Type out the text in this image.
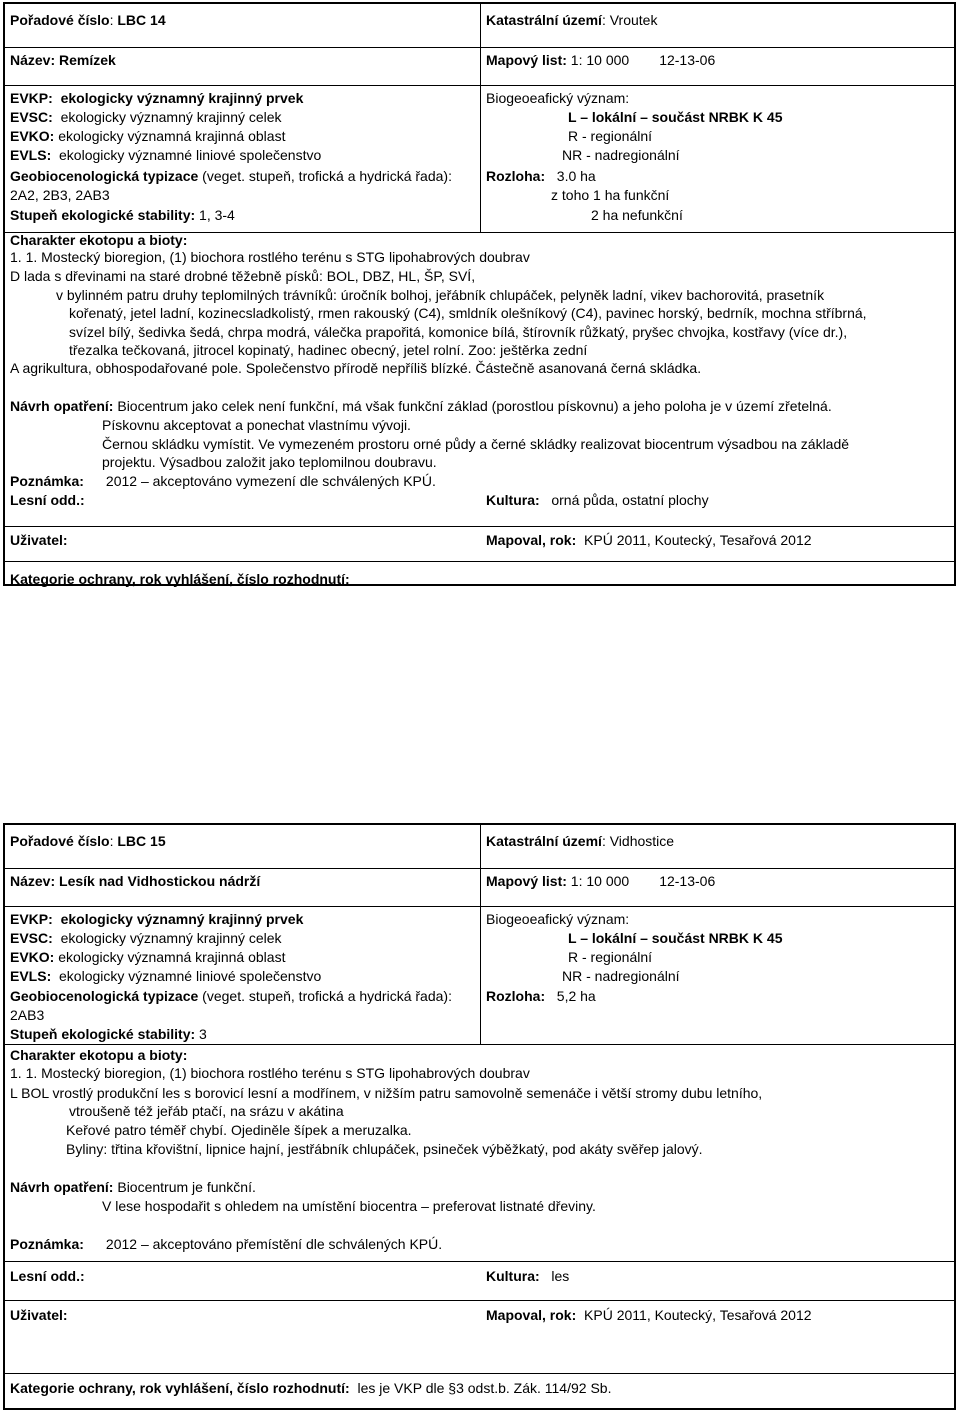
Pořadové číslo: LBC 14	Katastrální území: Vroutek
Název: Remízek	Mapový list: 1: 10 000 12-13-06
EVKP: ekologicky významný krajinný prvek
EVSC: ekologicky významný krajinný celek
EVKO: ekologicky významná krajinná oblast
EVLS: ekologicky významné liniové společenstvo
Geobiocenologická typizace (veget. stupeň, trofická a hydrická řada):
2A2, 2B3, 2AB3
Stupeň ekologické stability: 1, 3-4
Biogeoeafický význam:
L – lokální – součást NRBK K 45
R - regionální
NR - nadregionální
Rozloha: 3.0 ha
z toho 1 ha funkční
2 ha nefunkční
Charakter ekotopu a bioty:
1. 1. Mostecký bioregion, (1) biochora rostlého terénu s STG lipohabrových doubrav
D lada s dřevinami na staré drobné těžebně písků: BOL, DBZ, HL, ŠP, SVÍ,
v bylinném patru druhy teplomilných trávníků: úročník bolhoj, jeřábník chlupáček, pelyněk ladní, vikev bachorovitá, prasetník
kořenatý, jetel ladní, kozinecsladkolistý, rmen rakouský (C4), smldník olešníkový (C4), pavinec horský, bedrník, mochna stříbrná,
svízel bílý, šedivka šedá, chrpa modrá, válečka prapořitá, komonice bílá, štírovník růžkatý, pryšec chvojka, kostřavy (více dr.),
třezalka tečkovaná, jitrocel kopinatý, hadinec obecný, jetel rolní. Zoo: ještěrka zední
A agrikultura, obhospodařované pole. Společenstvo přírodě nepříliš blízké. Částečně asanovaná černá skládka.
Návrh opatření: Biocentrum jako celek není funkční, má však funkční základ (porostlou pískovnu) a jeho poloha je v území zřetelná.
Pískovnu akceptovat a ponechat vlastnímu vývoji.
Černou skládku vymístit. Ve vymezeném prostoru orné půdy a černé skládky realizovat biocentrum výsadbou na základě
projektu. Výsadbou založit jako teplomilnou doubravu.
Poznámka: 2012 – akceptováno vymezení dle schválených KPÚ.
Lesní odd.:	Kultura: orná půda, ostatní plochy
Uživatel:	Mapoval, rok: KPÚ 2011, Koutecký, Tesařová 2012
Kategorie ochrany, rok vyhlášení, číslo rozhodnutí:
Pořadové číslo: LBC 15	Katastrální území: Vidhostice
Název: Lesík nad Vidhostickou nádrží	Mapový list: 1: 10 000 12-13-06
EVKP: ekologicky významný krajinný prvek
EVSC: ekologicky významný krajinný celek
EVKO: ekologicky významná krajinná oblast
EVLS: ekologicky významné liniové společenstvo
Geobiocenologická typizace (veget. stupeň, trofická a hydrická řada):
2AB3
Stupeň ekologické stability: 3
Biogeoeafický význam:
L – lokální – součást NRBK K 45
R - regionální
NR - nadregionální
Rozloha: 5,2 ha
Charakter ekotopu a bioty:
1. 1. Mostecký bioregion, (1) biochora rostlého terénu s STG lipohabrových doubrav
L BOL vrostlý produkční les s borovicí lesní a modřínem, v nižším patru samovolně semenáče i větší stromy dubu letního,
vtroušeně též jeřáb ptačí, na srázu v akátina
Keřové patro téměř chybí. Ojediněle šípek a meruzalka.
Byliny: třtina křovištní, lipnice hajní, jestřábník chlupáček, psineček výběžkatý, pod akáty svěřep jalový.
Návrh opatření: Biocentrum je funkční.
V lese hospodařit s ohledem na umístění biocentra – preferovat listnaté dřeviny.
Poznámka: 2012 – akceptováno přemístění dle schválených KPÚ.
Lesní odd.:	Kultura: les
Uživatel:	Mapoval, rok: KPÚ 2011, Koutecký, Tesařová 2012
Kategorie ochrany, rok vyhlášení, číslo rozhodnutí: les je VKP dle §3 odst.b. Zák. 114/92 Sb.
